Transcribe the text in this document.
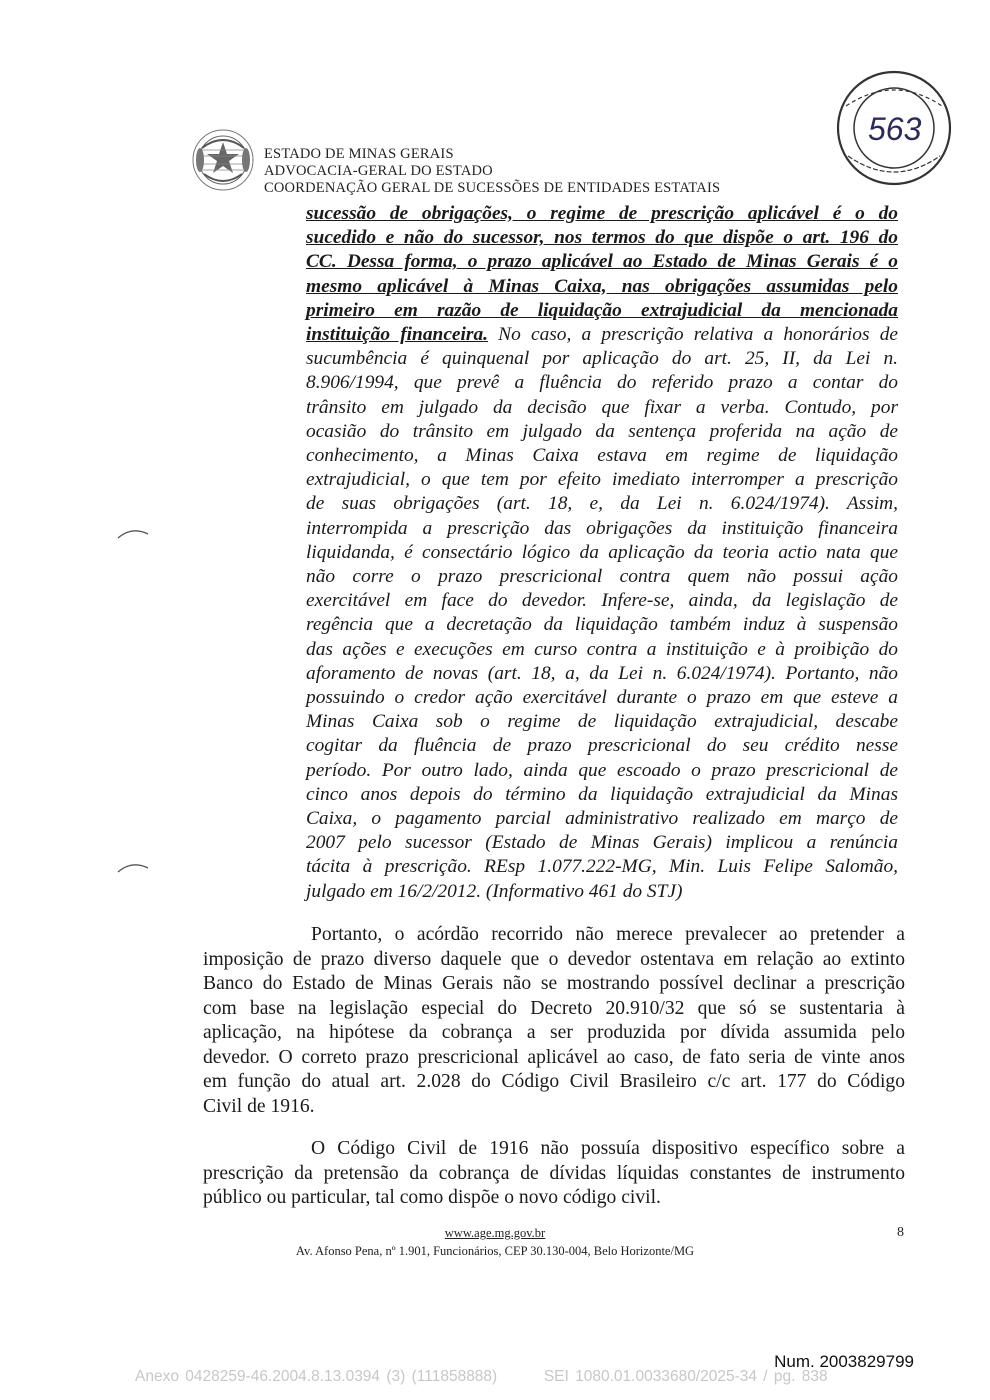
ESTADO DE MINAS GERAIS
ADVOCACIA-GERAL DO ESTADO
COORDENAÇÃO GERAL DE SUCESSÕES DE ENTIDADES ESTATAIS
563
sucessão de obrigações, o regime de prescrição aplicável é o do
sucedido e não do sucessor, nos termos do que dispõe o art. 196 do
CC. Dessa forma, o prazo aplicável ao Estado de Minas Gerais é o
mesmo aplicável à Minas Caixa, nas obrigações assumidas pelo
primeiro em razão de liquidação extrajudicial da mencionada
instituição financeira. No caso, a prescrição relativa a honorários de
sucumbência é quinquenal por aplicação do art. 25, II, da Lei n.
8.906/1994, que prevê a fluência do referido prazo a contar do
trânsito em julgado da decisão que fixar a verba. Contudo, por
ocasião do trânsito em julgado da sentença proferida na ação de
conhecimento, a Minas Caixa estava em regime de liquidação
extrajudicial, o que tem por efeito imediato interromper a prescrição
de suas obrigações (art. 18, e, da Lei n. 6.024/1974). Assim,
interrompida a prescrição das obrigações da instituição financeira
liquidanda, é consectário lógico da aplicação da teoria actio nata que
não corre o prazo prescricional contra quem não possui ação
exercitável em face do devedor. Infere-se, ainda, da legislação de
regência que a decretação da liquidação também induz à suspensão
das ações e execuções em curso contra a instituição e à proibição do
aforamento de novas (art. 18, a, da Lei n. 6.024/1974). Portanto, não
possuindo o credor ação exercitável durante o prazo em que esteve a
Minas Caixa sob o regime de liquidação extrajudicial, descabe
cogitar da fluência de prazo prescricional do seu crédito nesse
período. Por outro lado, ainda que escoado o prazo prescricional de
cinco anos depois do término da liquidação extrajudicial da Minas
Caixa, o pagamento parcial administrativo realizado em março de
2007 pelo sucessor (Estado de Minas Gerais) implicou a renúncia
tácita à prescrição. REsp 1.077.222-MG, Min. Luis Felipe Salomão,
julgado em 16/2/2012. (Informativo 461 do STJ)
Portanto, o acórdão recorrido não merece prevalecer ao pretender a
imposição de prazo diverso daquele que o devedor ostentava em relação ao extinto
Banco do Estado de Minas Gerais não se mostrando possível declinar a prescrição
com base na legislação especial do Decreto 20.910/32 que só se sustentaria à
aplicação, na hipótese da cobrança a ser produzida por dívida assumida pelo
devedor. O correto prazo prescricional aplicável ao caso, de fato seria de vinte anos
em função do atual art. 2.028 do Código Civil Brasileiro c/c art. 177 do Código
Civil de 1916.
O Código Civil de 1916 não possuía dispositivo específico sobre a
prescrição da pretensão da cobrança de dívidas líquidas constantes de instrumento
público ou particular, tal como dispõe o novo código civil.
www.age.mg.gov.br
Av. Afonso Pena, nº 1.901, Funcionários, CEP 30.130-004, Belo Horizonte/MG
8
Num. 2003829799
Anexo 0428259-46.2004.8.13.0394 (3) (111858888)	SEI 1080.01.0033680/2025-34 / pg. 838
